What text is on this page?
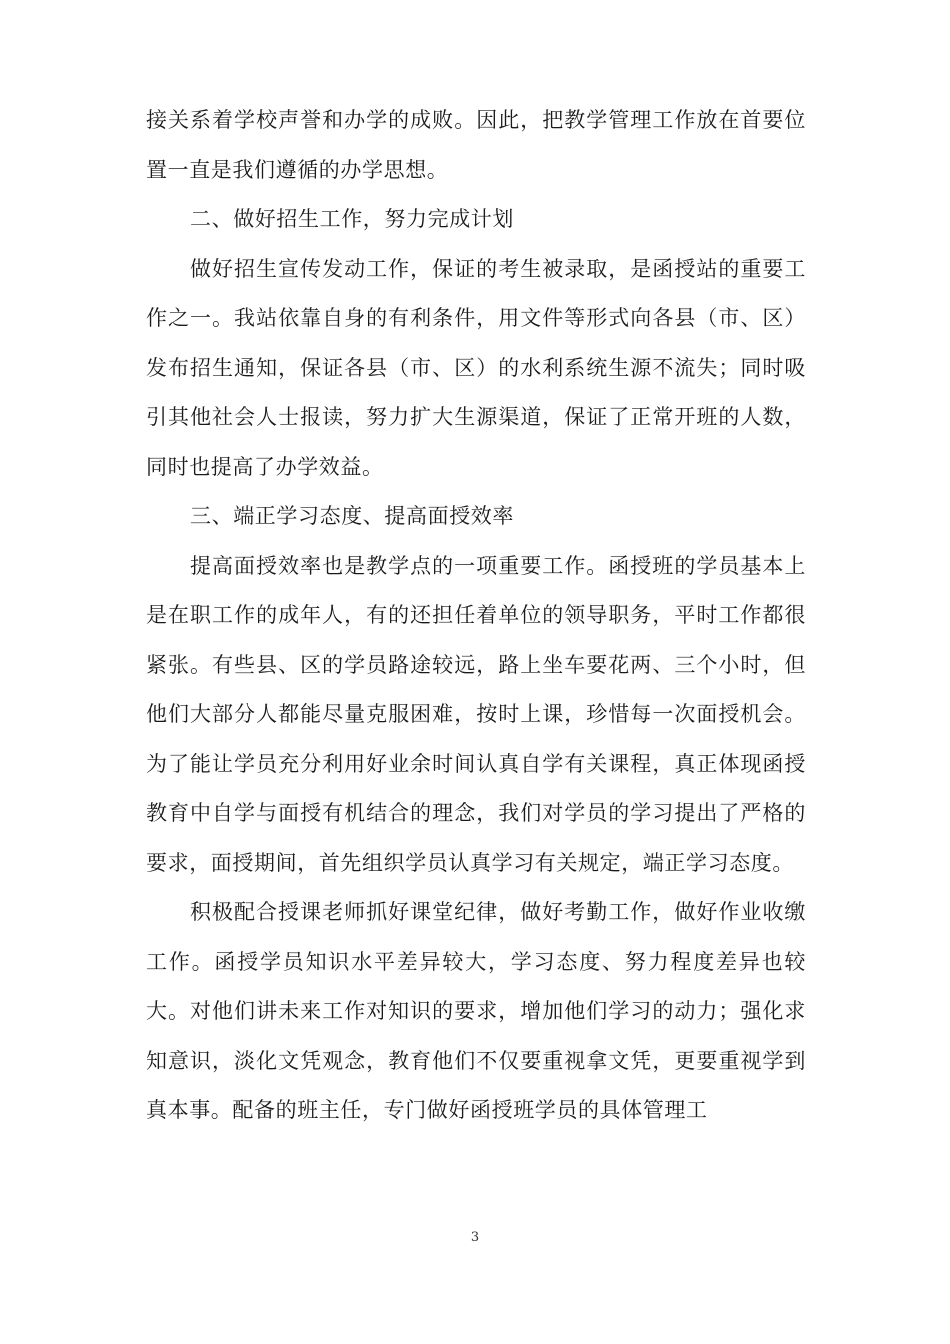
接关系着学校声誉和办学的成败。因此，把教学管理工作放在首要位置一直是我们遵循的办学思想。

二、做好招生工作，努力完成计划

做好招生宣传发动工作，保证的考生被录取，是函授站的重要工作之一。我站依靠自身的有利条件，用文件等形式向各县（市、区）发布招生通知，保证各县（市、区）的水利系统生源不流失；同时吸引其他社会人士报读，努力扩大生源渠道，保证了正常开班的人数，同时也提高了办学效益。

三、端正学习态度、提高面授效率

提高面授效率也是教学点的一项重要工作。函授班的学员基本上是在职工作的成年人，有的还担任着单位的领导职务，平时工作都很紧张。有些县、区的学员路途较远，路上坐车要花两、三个小时，但他们大部分人都能尽量克服困难，按时上课，珍惜每一次面授机会。为了能让学员充分利用好业余时间认真自学有关课程，真正体现函授教育中自学与面授有机结合的理念，我们对学员的学习提出了严格的要求，面授期间，首先组织学员认真学习有关规定，端正学习态度。

积极配合授课老师抓好课堂纪律，做好考勤工作，做好作业收缴工作。函授学员知识水平差异较大，学习态度、努力程度差异也较大。对他们讲未来工作对知识的要求，增加他们学习的动力；强化求知意识，淡化文凭观念，教育他们不仅要重视拿文凭，更要重视学到真本事。配备的班主任，专门做好函授班学员的具体管理工

3
